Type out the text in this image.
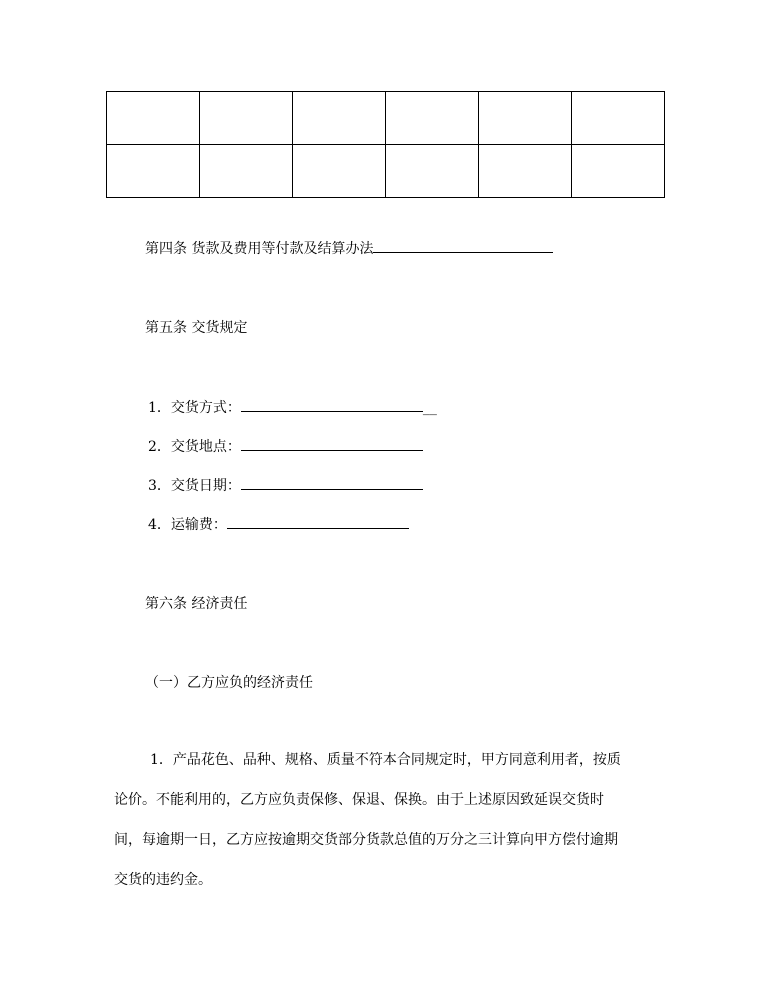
第四条 货款及费用等付款及结算办法
第五条 交货规定
1．交货方式：	__
2．交货地点：
3．交货日期：
4．运输费：
第六条 经济责任
（一）乙方应负的经济责任
1．产品花色、品种、规格、质量不符本合同规定时，甲方同意利用者，按质
论价。不能利用的，乙方应负责保修、保退、保换。由于上述原因致延误交货时
间，每逾期一日，乙方应按逾期交货部分货款总值的万分之三计算向甲方偿付逾期
交货的违约金。
